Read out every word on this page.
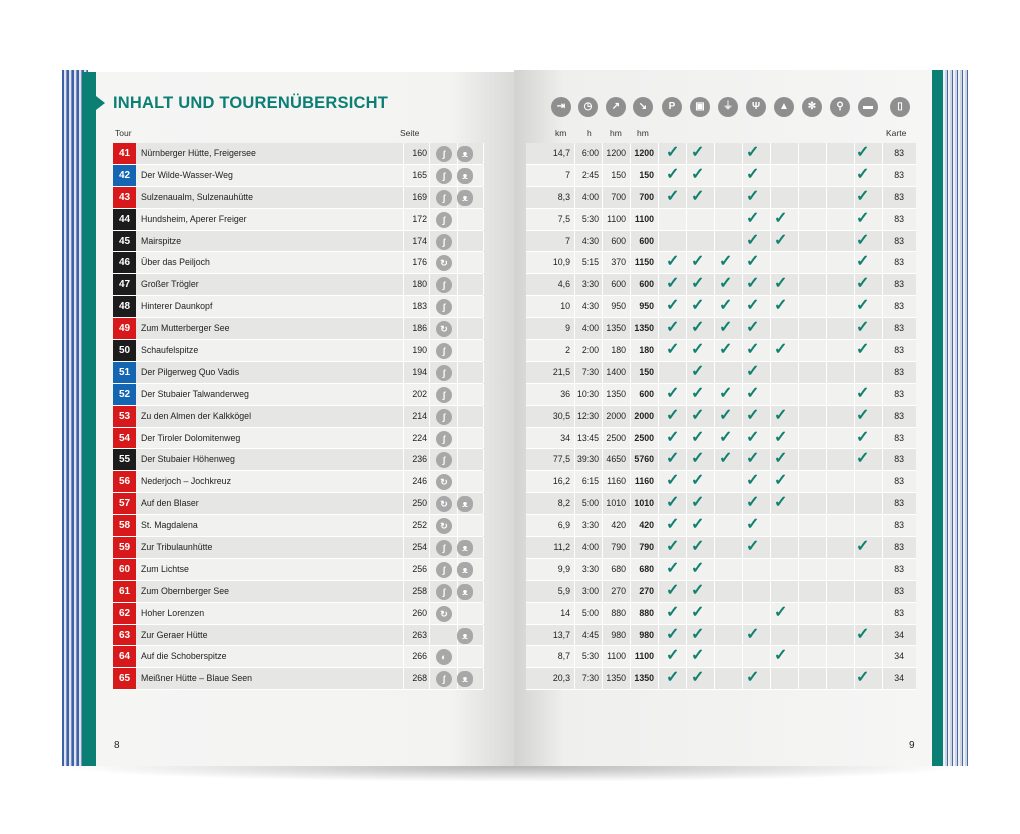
INHALT UND TOURENÜBERSICHT
Tour	Seite	km h hm hm	Karte
⇥	◷	↗	↘	P	▣	⏚	Ψ	▲	✻	⚲	▬	▯
41	Nürnberger Hütte, Freigersee	160	ʃ	ᴥ
42	Der Wilde-Wasser-Weg	165	ʃ	ᴥ
43	Sulzenaualm, Sulzenauhütte	169	ʃ	ᴥ
44	Hundsheim, Aperer Freiger	172	ʃ
45	Mairspitze	174	ʃ
46	Über das Peiljoch	176	↻
47	Großer Trögler	180	ʃ
48	Hinterer Daunkopf	183	ʃ
49	Zum Mutterberger See	186	↻
50	Schaufelspitze	190	ʃ
51	Der Pilgerweg Quo Vadis	194	ʃ
52	Der Stubaier Talwanderweg	202	ʃ
53	Zu den Almen der Kalkkögel	214	ʃ
54	Der Tiroler Dolomitenweg	224	ʃ
55	Der Stubaier Höhenweg	236	ʃ
56	Nederjoch – Jochkreuz	246	↻
57	Auf den Blaser	250	↻	ᴥ
58	St. Magdalena	252	↻
59	Zur Tribulaunhütte	254	ʃ	ᴥ
60	Zum Lichtse	256	ʃ	ᴥ
61	Zum Obernberger See	258	ʃ	ᴥ
62	Hoher Lorenzen	260	↻
63	Zur Geraer Hütte	263	ᴥ
64	Auf die Schoberspitze	266	◐
65	Meißner Hütte – Blaue Seen	268	ʃ	ᴥ
14,7	6:00 1200 1200	83
✓ ✓	✓	✓
7	2:45	150	150	83
✓ ✓	✓	✓
8,3	4:00	700	700	83
✓ ✓	✓	✓
7,5	5:30 1100	1100	83
✓ ✓	✓
7	4:30	600	600	83
✓ ✓	✓
10,9	5:15	370	1150	83
✓ ✓ ✓ ✓	✓
4,6	3:30	600	600	83
✓ ✓ ✓ ✓ ✓	✓
10	4:30	950	950	83
✓ ✓ ✓ ✓ ✓	✓
9	4:00 1350 1350	83
✓ ✓ ✓ ✓	✓
2	2:00	180	180	83
✓ ✓ ✓ ✓ ✓	✓
21,5	7:30 1400	150	83
✓	✓
36 10:30 1350	600	83
✓ ✓ ✓ ✓	✓
30,5 12:30 2000 2000	83
✓ ✓ ✓ ✓ ✓	✓
34 13:45 2500 2500	83
✓ ✓ ✓ ✓ ✓	✓
77,5 39:30 4650 5760	83
✓ ✓ ✓ ✓ ✓	✓
16,2	6:15 1160	1160	83
✓ ✓	✓ ✓
8,2	5:00 1010 1010	83
✓ ✓	✓ ✓
6,9	3:30	420	420	83
✓ ✓	✓
11,2	4:00	790	790	83
✓ ✓	✓	✓
9,9	3:30	680	680	83
✓ ✓
5,9	3:00	270	270	83
✓ ✓
14	5:00	880	880	83
✓ ✓	✓
13,7	4:45	980	980	34
✓ ✓	✓	✓
8,7	5:30 1100	1100	34
✓ ✓	✓
20,3	7:30 1350 1350	34
✓ ✓	✓	✓
8	9
